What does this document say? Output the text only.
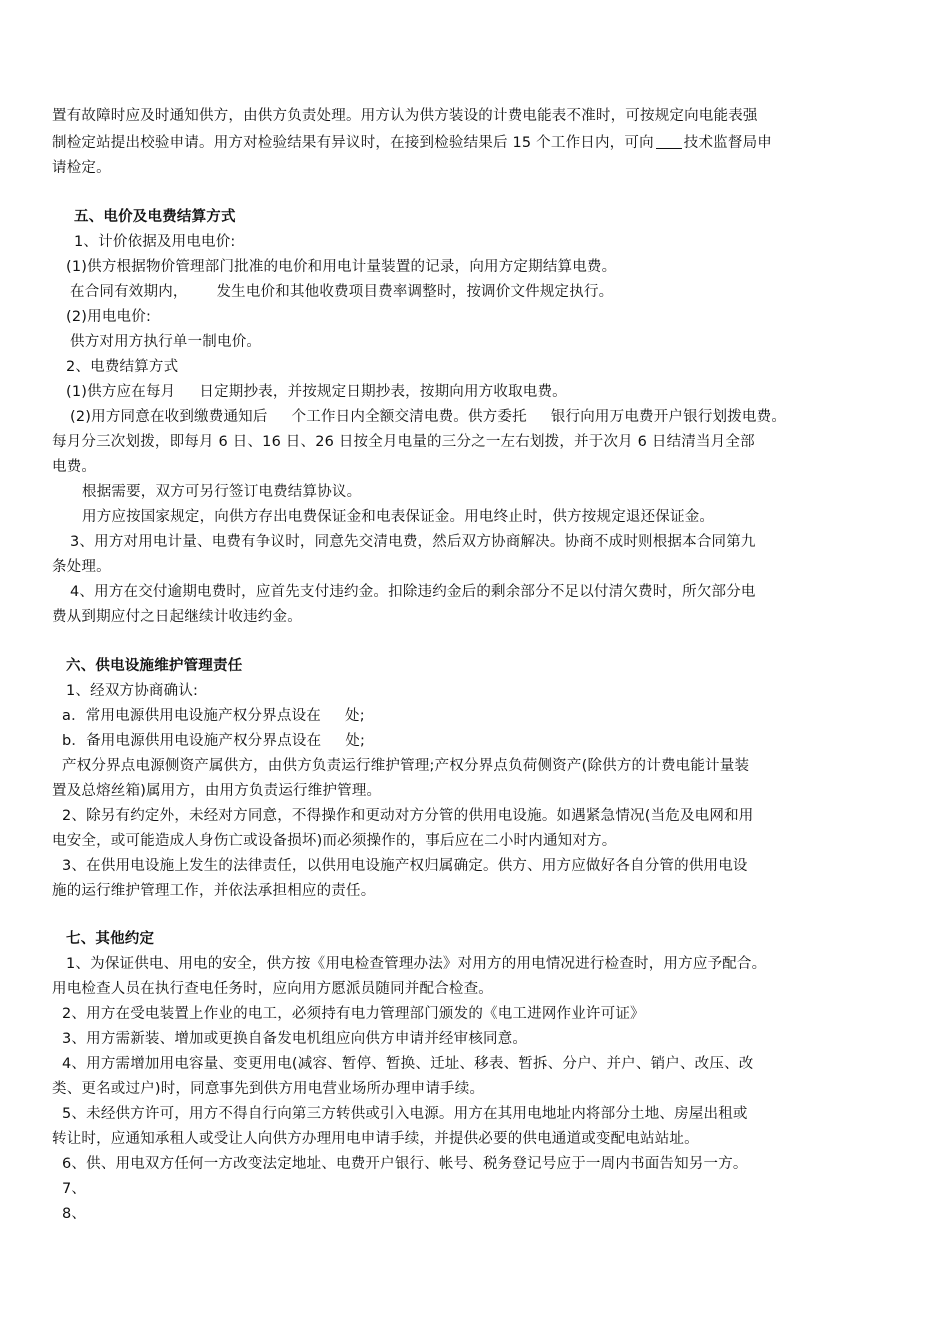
置有故障时应及时通知供方，由供方负责处理。用方认为供方装设的计费电能表不准时，可按规定向电能表强
制检定站提出校验申请。用方对检验结果有异议时，在接到检验结果后 15 个工作日内，可向 技术监督局申
请检定。
五、电价及电费结算方式
1、计价依据及用电电价:
(1)供方根据物价管理部门批准的电价和用电计量装置的记录，向用方定期结算电费。
在合同有效期内，      发生电价和其他收费项目费率调整时，按调价文件规定执行。
(2)用电电价:
供方对用方执行单一制电价。
2、电费结算方式
(1)供方应在每月     日定期抄表，并按规定日期抄表，按期向用方收取电费。
(2)用方同意在收到缴费通知后     个工作日内全额交清电费。供方委托     银行向用万电费开户银行划拨电费。
每月分三次划拨，即每月 6 日、16 日、26 日按全月电量的三分之一左右划拨，并于次月 6 日结清当月全部
电费。
根据需要，双方可另行签订电费结算协议。
用方应按国家规定，向供方存出电费保证金和电表保证金。用电终止时，供方按规定退还保证金。
3、用方对用电计量、电费有争议时，同意先交清电费，然后双方协商解决。协商不成时则根据本合同第九
条处理。
4、用方在交付逾期电费时，应首先支付违约金。扣除违约金后的剩余部分不足以付清欠费时，所欠部分电
费从到期应付之日起继续计收违约金。
六、供电设施维护管理责任
1、经双方协商确认:
a．常用电源供用电设施产权分界点设在     处;
b．备用电源供用电设施产权分界点设在     处;
产权分界点电源侧资产属供方，由供方负责运行维护管理;产权分界点负荷侧资产(除供方的计费电能计量装
置及总熔丝箱)属用方，由用方负责运行维护管理。
2、除另有约定外，未经对方同意，不得操作和更动对方分管的供用电设施。如遇紧急情况(当危及电网和用
电安全，或可能造成人身伤亡或设备损坏)而必须操作的，事后应在二小时内通知对方。
3、在供用电设施上发生的法律责任，以供用电设施产权归属确定。供方、用方应做好各自分管的供用电设
施的运行维护管理工作，并依法承担相应的责任。
七、其他约定
1、为保证供电、用电的安全，供方按《用电检查管理办法》对用方的用电情况进行检查时，用方应予配合。
用电检查人员在执行查电任务时，应向用方愿派员随同并配合检查。
2、用方在受电装置上作业的电工，必须持有电力管理部门颁发的《电工进网作业许可证》
3、用方需新装、增加或更换自备发电机组应向供方申请并经审核同意。
4、用方需增加用电容量、变更用电(减容、暂停、暂换、迁址、移表、暂拆、分户、并户、销户、改压、改
类、更名或过户)时，同意事先到供方用电营业场所办理申请手续。
5、未经供方许可，用方不得自行向第三方转供或引入电源。用方在其用电地址内将部分土地、房屋出租或
转让时，应通知承租人或受让人向供方办理用电申请手续，并提供必要的供电通道或变配电站站址。
6、供、用电双方任何一方改变法定地址、电费开户银行、帐号、税务登记号应于一周内书面告知另一方。
7、
8、
